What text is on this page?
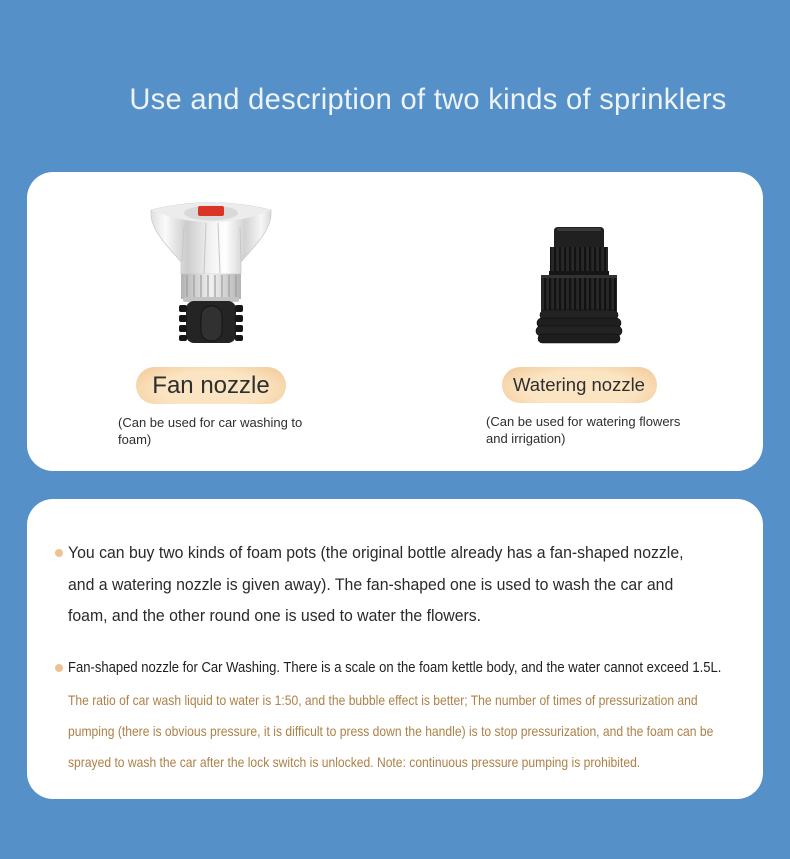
Use and description of two kinds of sprinklers
Fan nozzle
(Can be used for car washing to
foam)
Watering nozzle
(Can be used for watering flowers
and irrigation)
You can buy two kinds of foam pots (the original bottle already has a fan-shaped nozzle,
and a watering nozzle is given away). The fan-shaped one is used to wash the car and
foam, and the other round one is used to water the flowers.
Fan-shaped nozzle for Car Washing. There is a scale on the foam kettle body, and the water cannot exceed 1.5L.
The ratio of car wash liquid to water is 1:50, and the bubble effect is better; The number of times of pressurization and
pumping (there is obvious pressure, it is difficult to press down the handle) is to stop pressurization, and the foam can be
sprayed to wash the car after the lock switch is unlocked. Note: continuous pressure pumping is prohibited.
